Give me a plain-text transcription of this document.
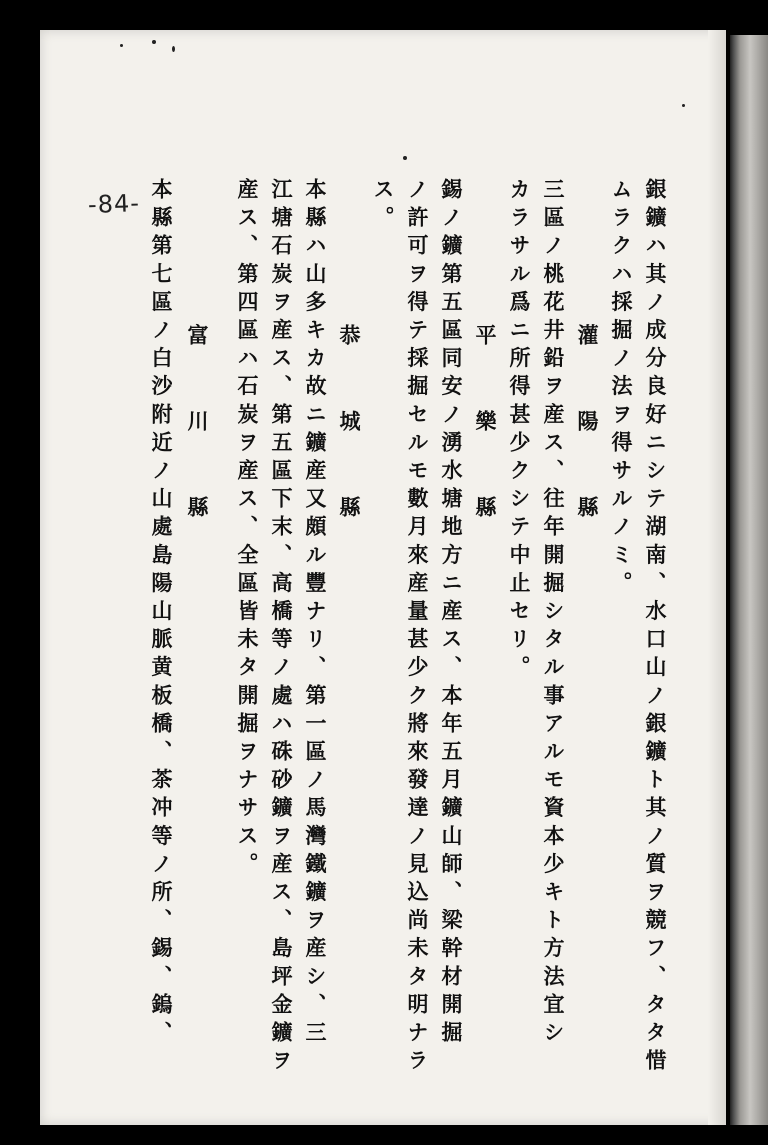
-84-	銀鑛ハ其ノ成分良好ニシテ湖南、水口山ノ銀鑛ト其ノ質ヲ競フ、タタ惜
ムラクハ採掘ノ法ヲ得サルノミ。
灌　陽　縣
三區ノ桃花井鉛ヲ産ス、往年開掘シタル事アルモ資本少キト方法宜シ
カラサル爲ニ所得甚少クシテ中止セリ。
平　樂　縣
錫ノ鑛第五區同安ノ湧水塘地方ニ産ス、本年五月鑛山師、梁幹材開掘
ノ許可ヲ得テ採掘セルモ數月來産量甚少ク將來發達ノ見込尚未タ明ナラ
ス。
恭　城　縣
本縣ハ山多キカ故ニ鑛産又頗ル豐ナリ、第一區ノ馬灣鐵鑛ヲ産シ、三
江塘石炭ヲ産ス、第五區下末、高橋等ノ處ハ硃砂鑛ヲ産ス、島坪金鑛ヲ
産ス、第四區ハ石炭ヲ産ス、全區皆未タ開掘ヲナサス。
富　川　縣
本縣第七區ノ白沙附近ノ山處島陽山脈黄板橋、茶冲等ノ所、錫、鎢、
